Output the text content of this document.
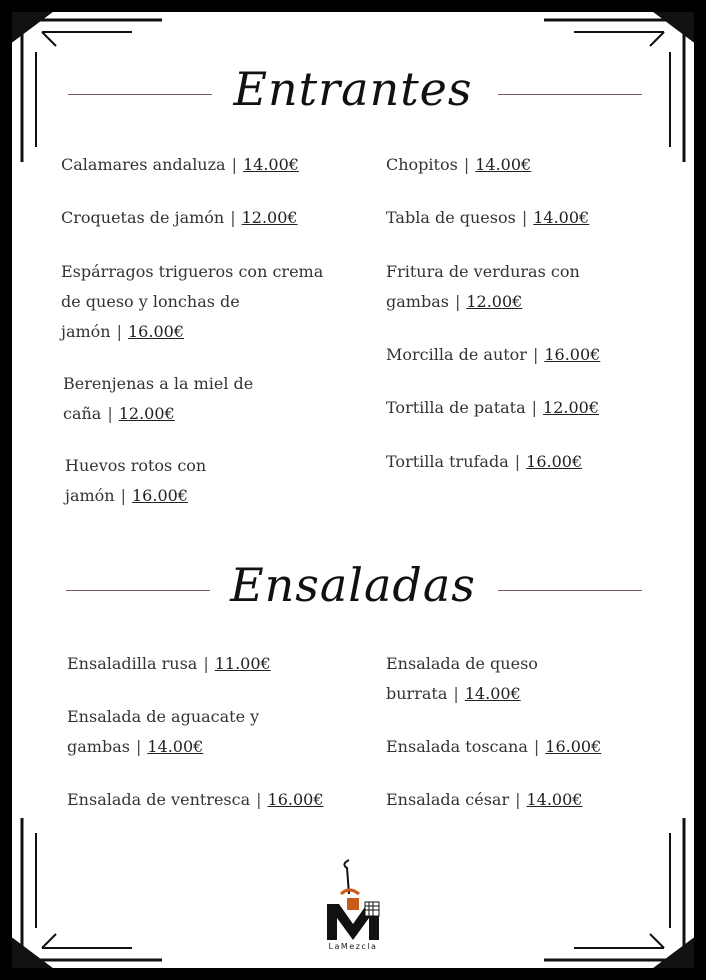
Entrantes
Calamares andaluza | 14.00€
Croquetas de jamón | 12.00€
Espárragos trigueros con crema de queso y lonchas de jamón | 16.00€
Berenjenas a la miel de caña | 12.00€
Huevos rotos con jamón | 16.00€
Chopitos | 14.00€
Tabla de quesos | 14.00€
Fritura de verduras con gambas | 12.00€
Morcilla de autor | 16.00€
Tortilla de patata | 12.00€
Tortilla trufada | 16.00€
Ensaladas
Ensaladilla rusa | 11.00€
Ensalada de aguacate y gambas | 14.00€
Ensalada de ventresca | 16.00€
Ensalada de queso burrata | 14.00€
Ensalada toscana | 16.00€
Ensalada césar | 14.00€
LaMezcla
